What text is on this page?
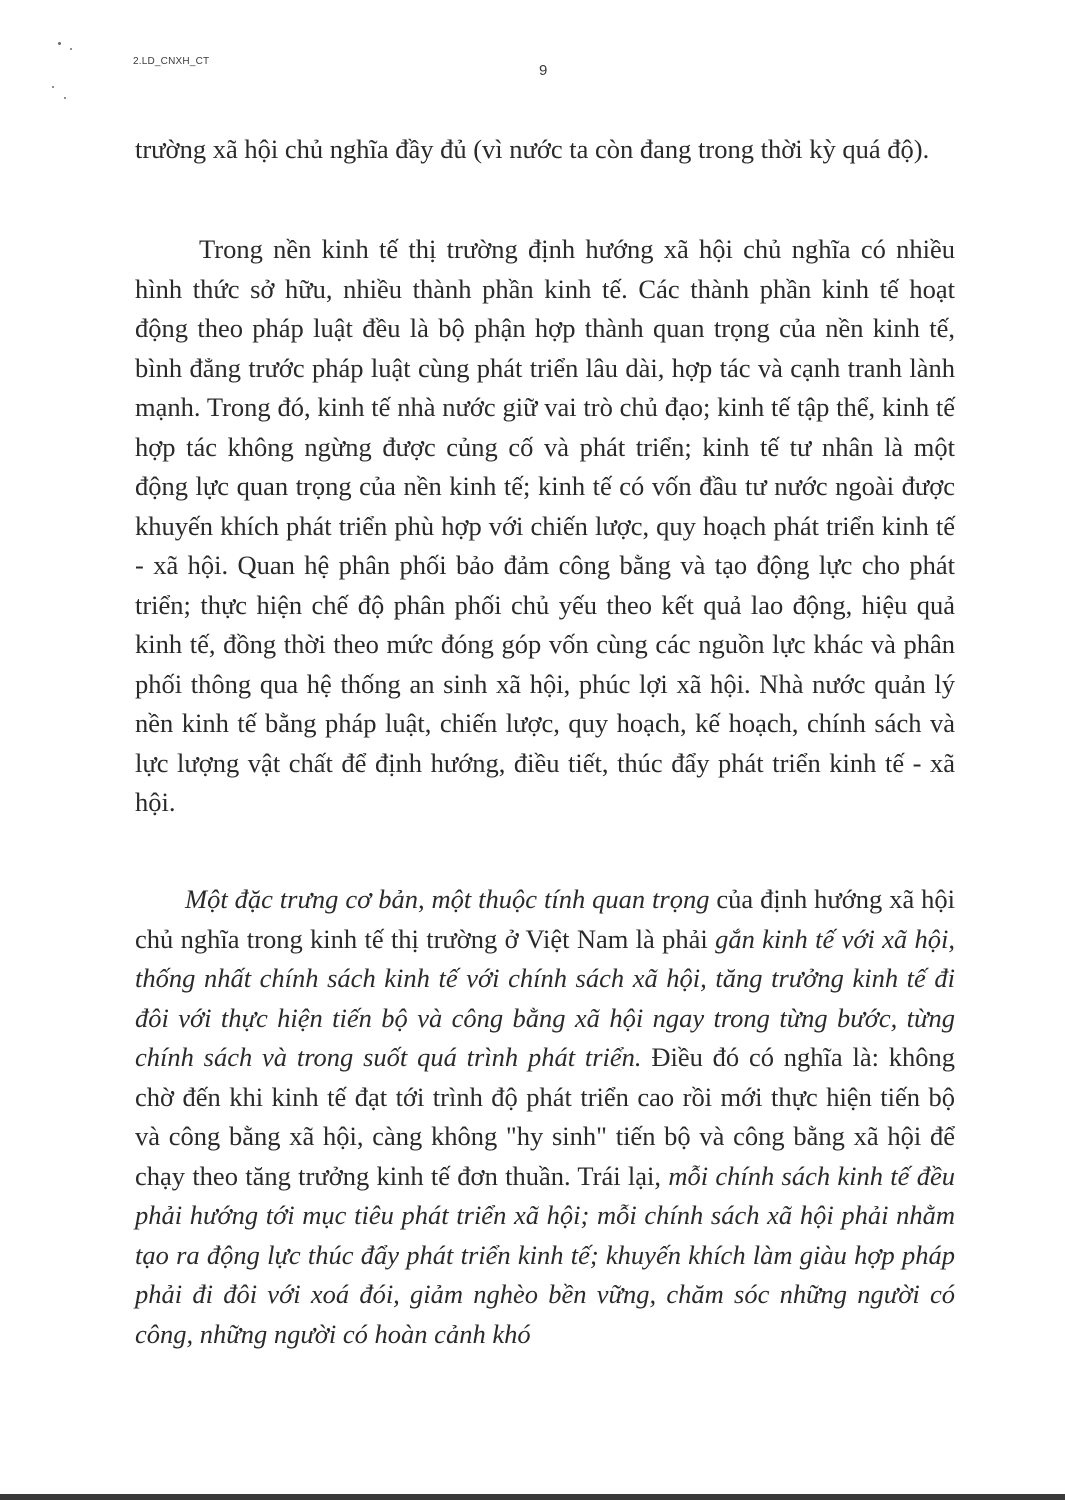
2.LD_CNXH_CT
9

trường xã hội chủ nghĩa đầy đủ (vì nước ta còn đang trong thời kỳ quá độ).

Trong nền kinh tế thị trường định hướng xã hội chủ nghĩa có nhiều hình thức sở hữu, nhiều thành phần kinh tế. Các thành phần kinh tế hoạt động theo pháp luật đều là bộ phận hợp thành quan trọng của nền kinh tế, bình đẳng trước pháp luật cùng phát triển lâu dài, hợp tác và cạnh tranh lành mạnh. Trong đó, kinh tế nhà nước giữ vai trò chủ đạo; kinh tế tập thể, kinh tế hợp tác không ngừng được củng cố và phát triển; kinh tế tư nhân là một động lực quan trọng của nền kinh tế; kinh tế có vốn đầu tư nước ngoài được khuyến khích phát triển phù hợp với chiến lược, quy hoạch phát triển kinh tế - xã hội. Quan hệ phân phối bảo đảm công bằng và tạo động lực cho phát triển; thực hiện chế độ phân phối chủ yếu theo kết quả lao động, hiệu quả kinh tế, đồng thời theo mức đóng góp vốn cùng các nguồn lực khác và phân phối thông qua hệ thống an sinh xã hội, phúc lợi xã hội. Nhà nước quản lý nền kinh tế bằng pháp luật, chiến lược, quy hoạch, kế hoạch, chính sách và lực lượng vật chất để định hướng, điều tiết, thúc đẩy phát triển kinh tế - xã hội.

Một đặc trưng cơ bản, một thuộc tính quan trọng của định hướng xã hội chủ nghĩa trong kinh tế thị trường ở Việt Nam là phải gắn kinh tế với xã hội, thống nhất chính sách kinh tế với chính sách xã hội, tăng trưởng kinh tế đi đôi với thực hiện tiến bộ và công bằng xã hội ngay trong từng bước, từng chính sách và trong suốt quá trình phát triển. Điều đó có nghĩa là: không chờ đến khi kinh tế đạt tới trình độ phát triển cao rồi mới thực hiện tiến bộ và công bằng xã hội, càng không "hy sinh" tiến bộ và công bằng xã hội để chạy theo tăng trưởng kinh tế đơn thuần. Trái lại, mỗi chính sách kinh tế đều phải hướng tới mục tiêu phát triển xã hội; mỗi chính sách xã hội phải nhằm tạo ra động lực thúc đẩy phát triển kinh tế; khuyến khích làm giàu hợp pháp phải đi đôi với xoá đói, giảm nghèo bền vững, chăm sóc những người có công, những người có hoàn cảnh khó
